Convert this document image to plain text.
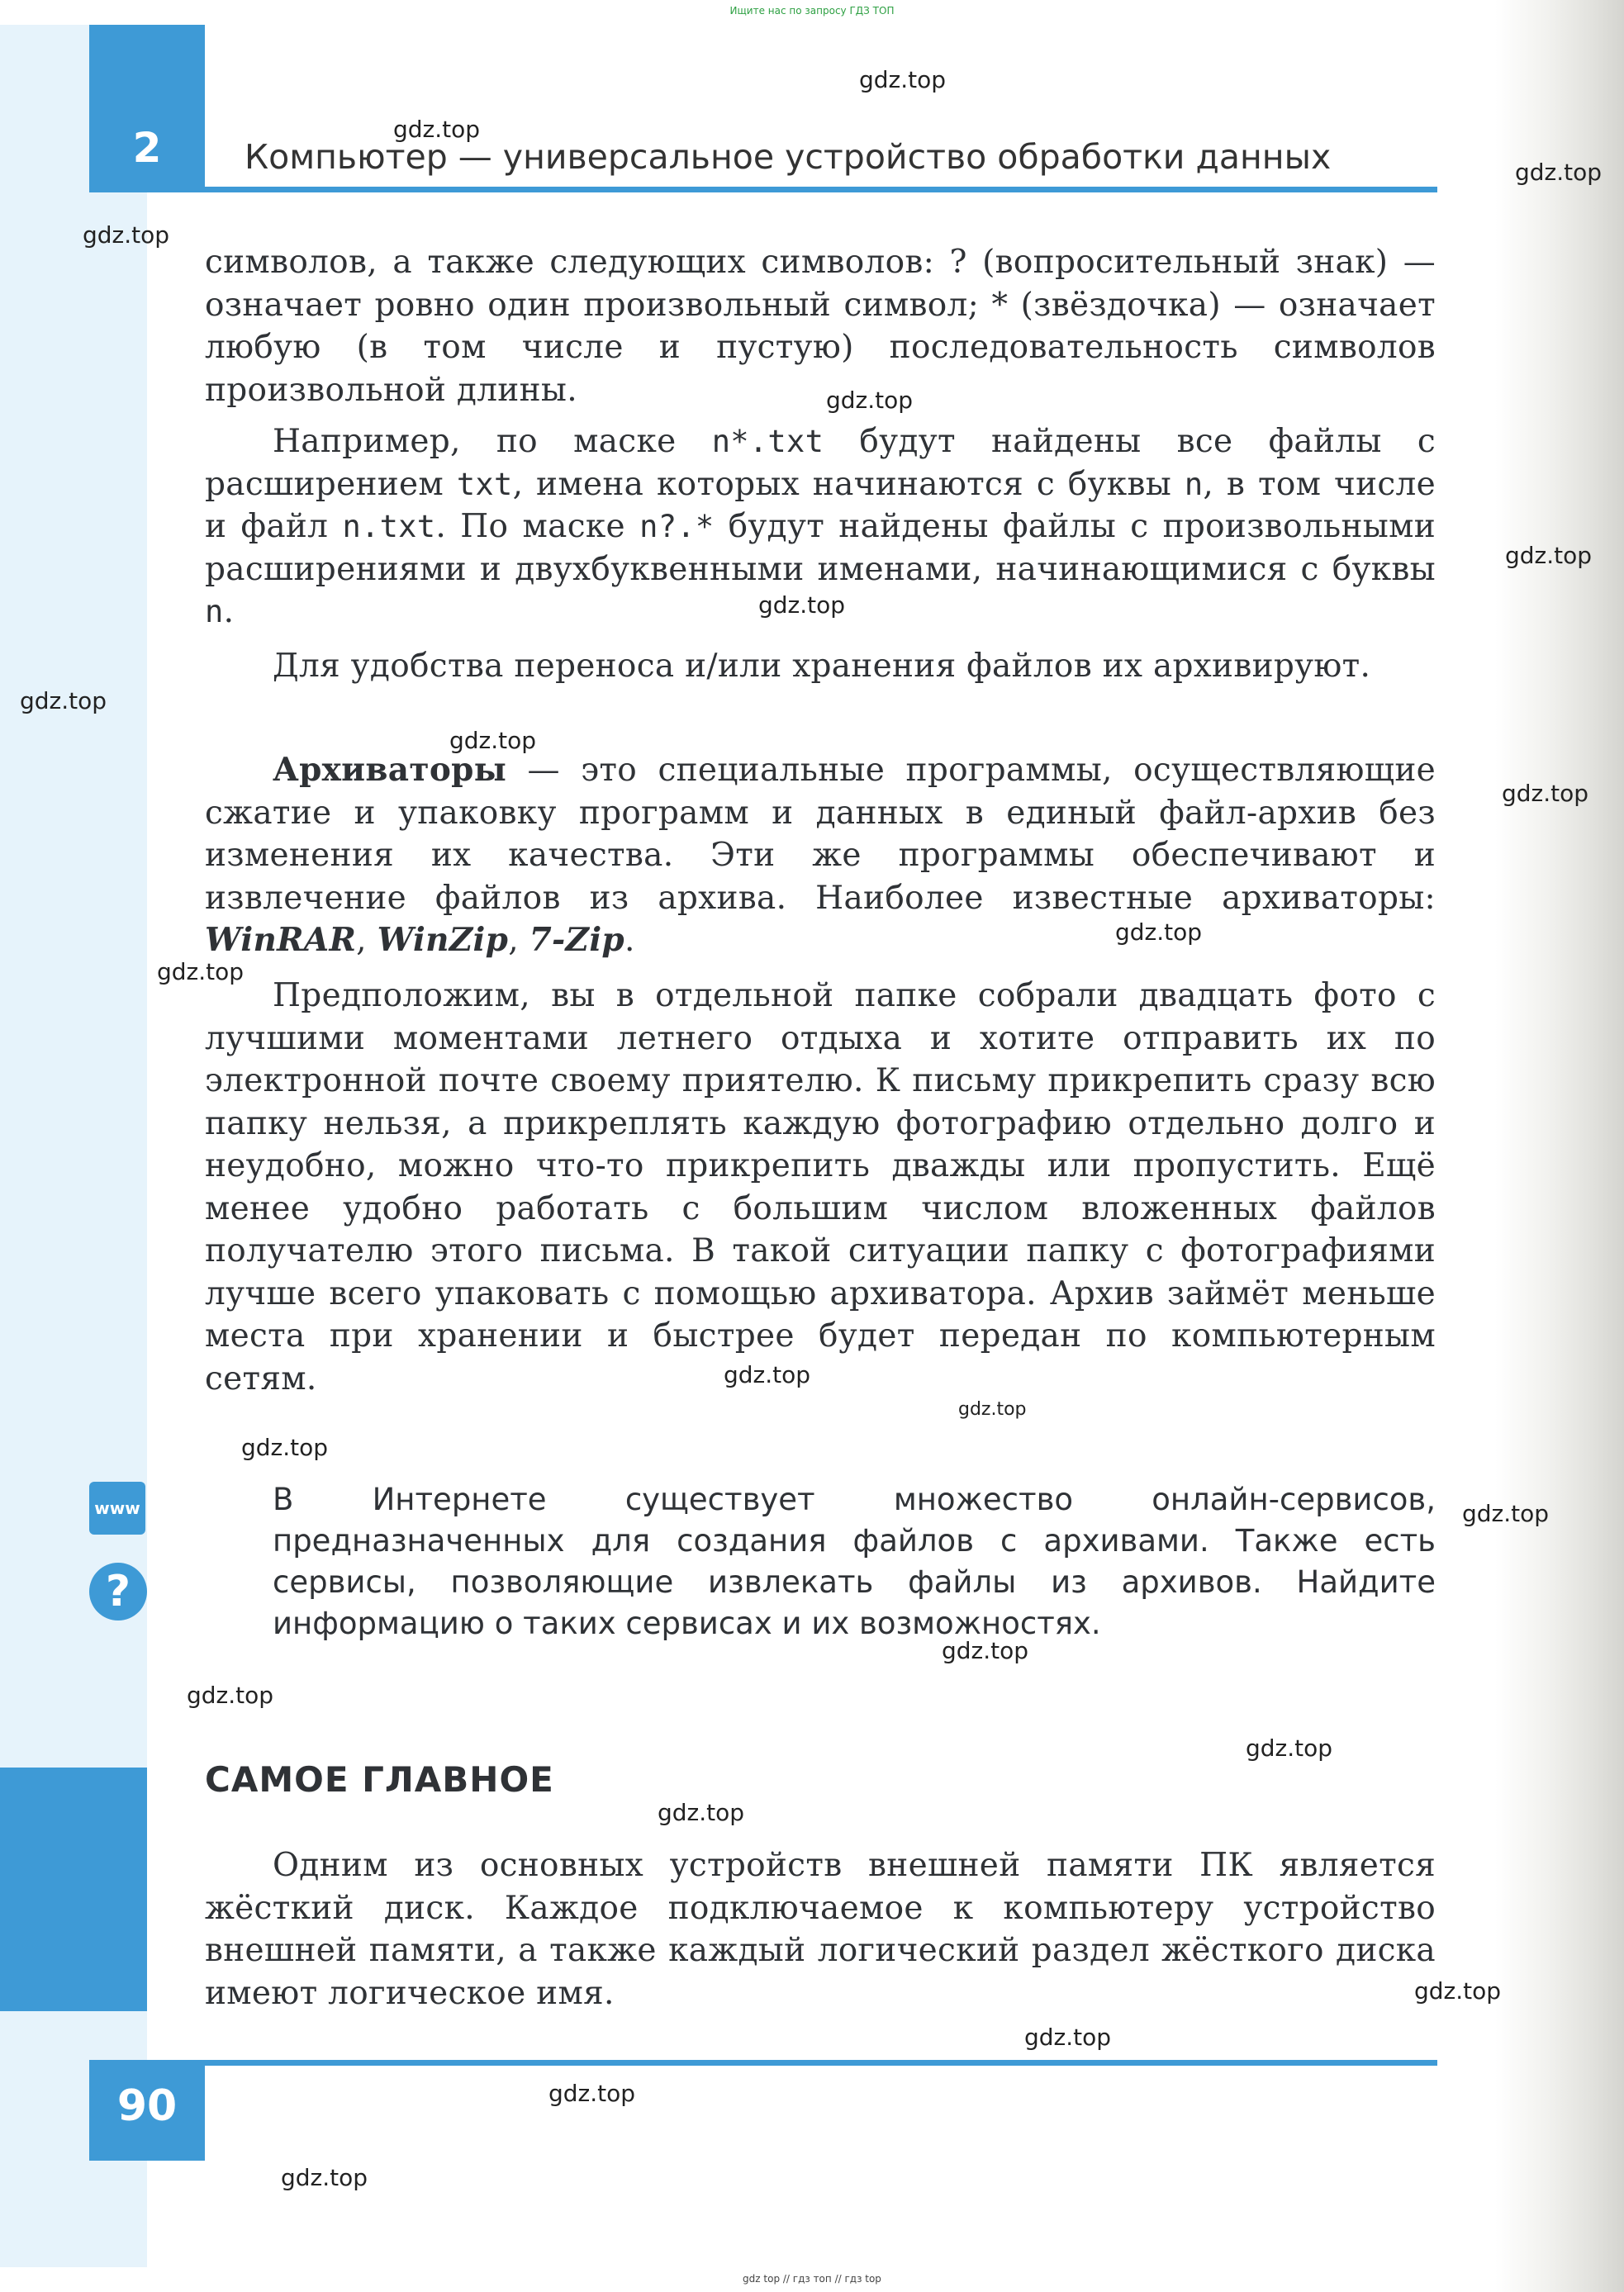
Ищите нас по запросу ГДЗ ТОП
2	Компьютер — универсальное устройство обработки данных

символов, а также следующих символов: ? (вопросительный знак) — означает ровно один произвольный символ; * (звёздочка) — означает любую (в том числе и пустую) последовательность символов произвольной длины.

Например, по маске n*.txt будут найдены все файлы с расширением txt, имена которых начинаются с буквы n, в том числе и файл n.txt. По маске n?.* будут найдены файлы с произвольными расширениями и двухбуквенными именами, начинающимися с буквы n.

Для удобства переноса и/или хранения файлов их архивируют.

Архиваторы — это специальные программы, осуществляющие сжатие и упаковку программ и данных в единый файл-архив без изменения их качества. Эти же программы обеспечивают и извлечение файлов из архива. Наиболее известные архиваторы: WinRAR, WinZip, 7-Zip.

Предположим, вы в отдельной папке собрали двадцать фото с лучшими моментами летнего отдыха и хотите отправить их по электронной почте своему приятелю. К письму прикрепить сразу всю папку нельзя, а прикреплять каждую фотографию отдельно долго и неудобно, можно что-то прикрепить дважды или пропустить. Ещё менее удобно работать с большим числом вложенных файлов получателю этого письма. В такой ситуации папку с фотографиями лучше всего упаковать с помощью архиватора. Архив займёт меньше места при хранении и быстрее будет передан по компьютерным сетям.

www
?

В Интернете существует множество онлайн-сервисов, предназначенных для создания файлов с архивами. Также есть сервисы, позволяющие извлекать файлы из архивов. Найдите информацию о таких сервисах и их возможностях.

САМОЕ ГЛАВНОЕ

Одним из основных устройств внешней памяти ПК является жёсткий диск. Каждое подключаемое к компьютеру устройство внешней памяти, а также каждый логический раздел жёсткого диска имеют логическое имя.

90
gdz.top
gdz.top
gdz.top
gdz.top
gdz.top
gdz.top
gdz.top
gdz.top
gdz.top
gdz.top
gdz.top
gdz.top
gdz.top
gdz.top
gdz.top
gdz.top
gdz.top
gdz.top
gdz.top
gdz.top
gdz.top
gdz.top
gdz.top
gdz.top
gdz top // гдз топ // гдз top
